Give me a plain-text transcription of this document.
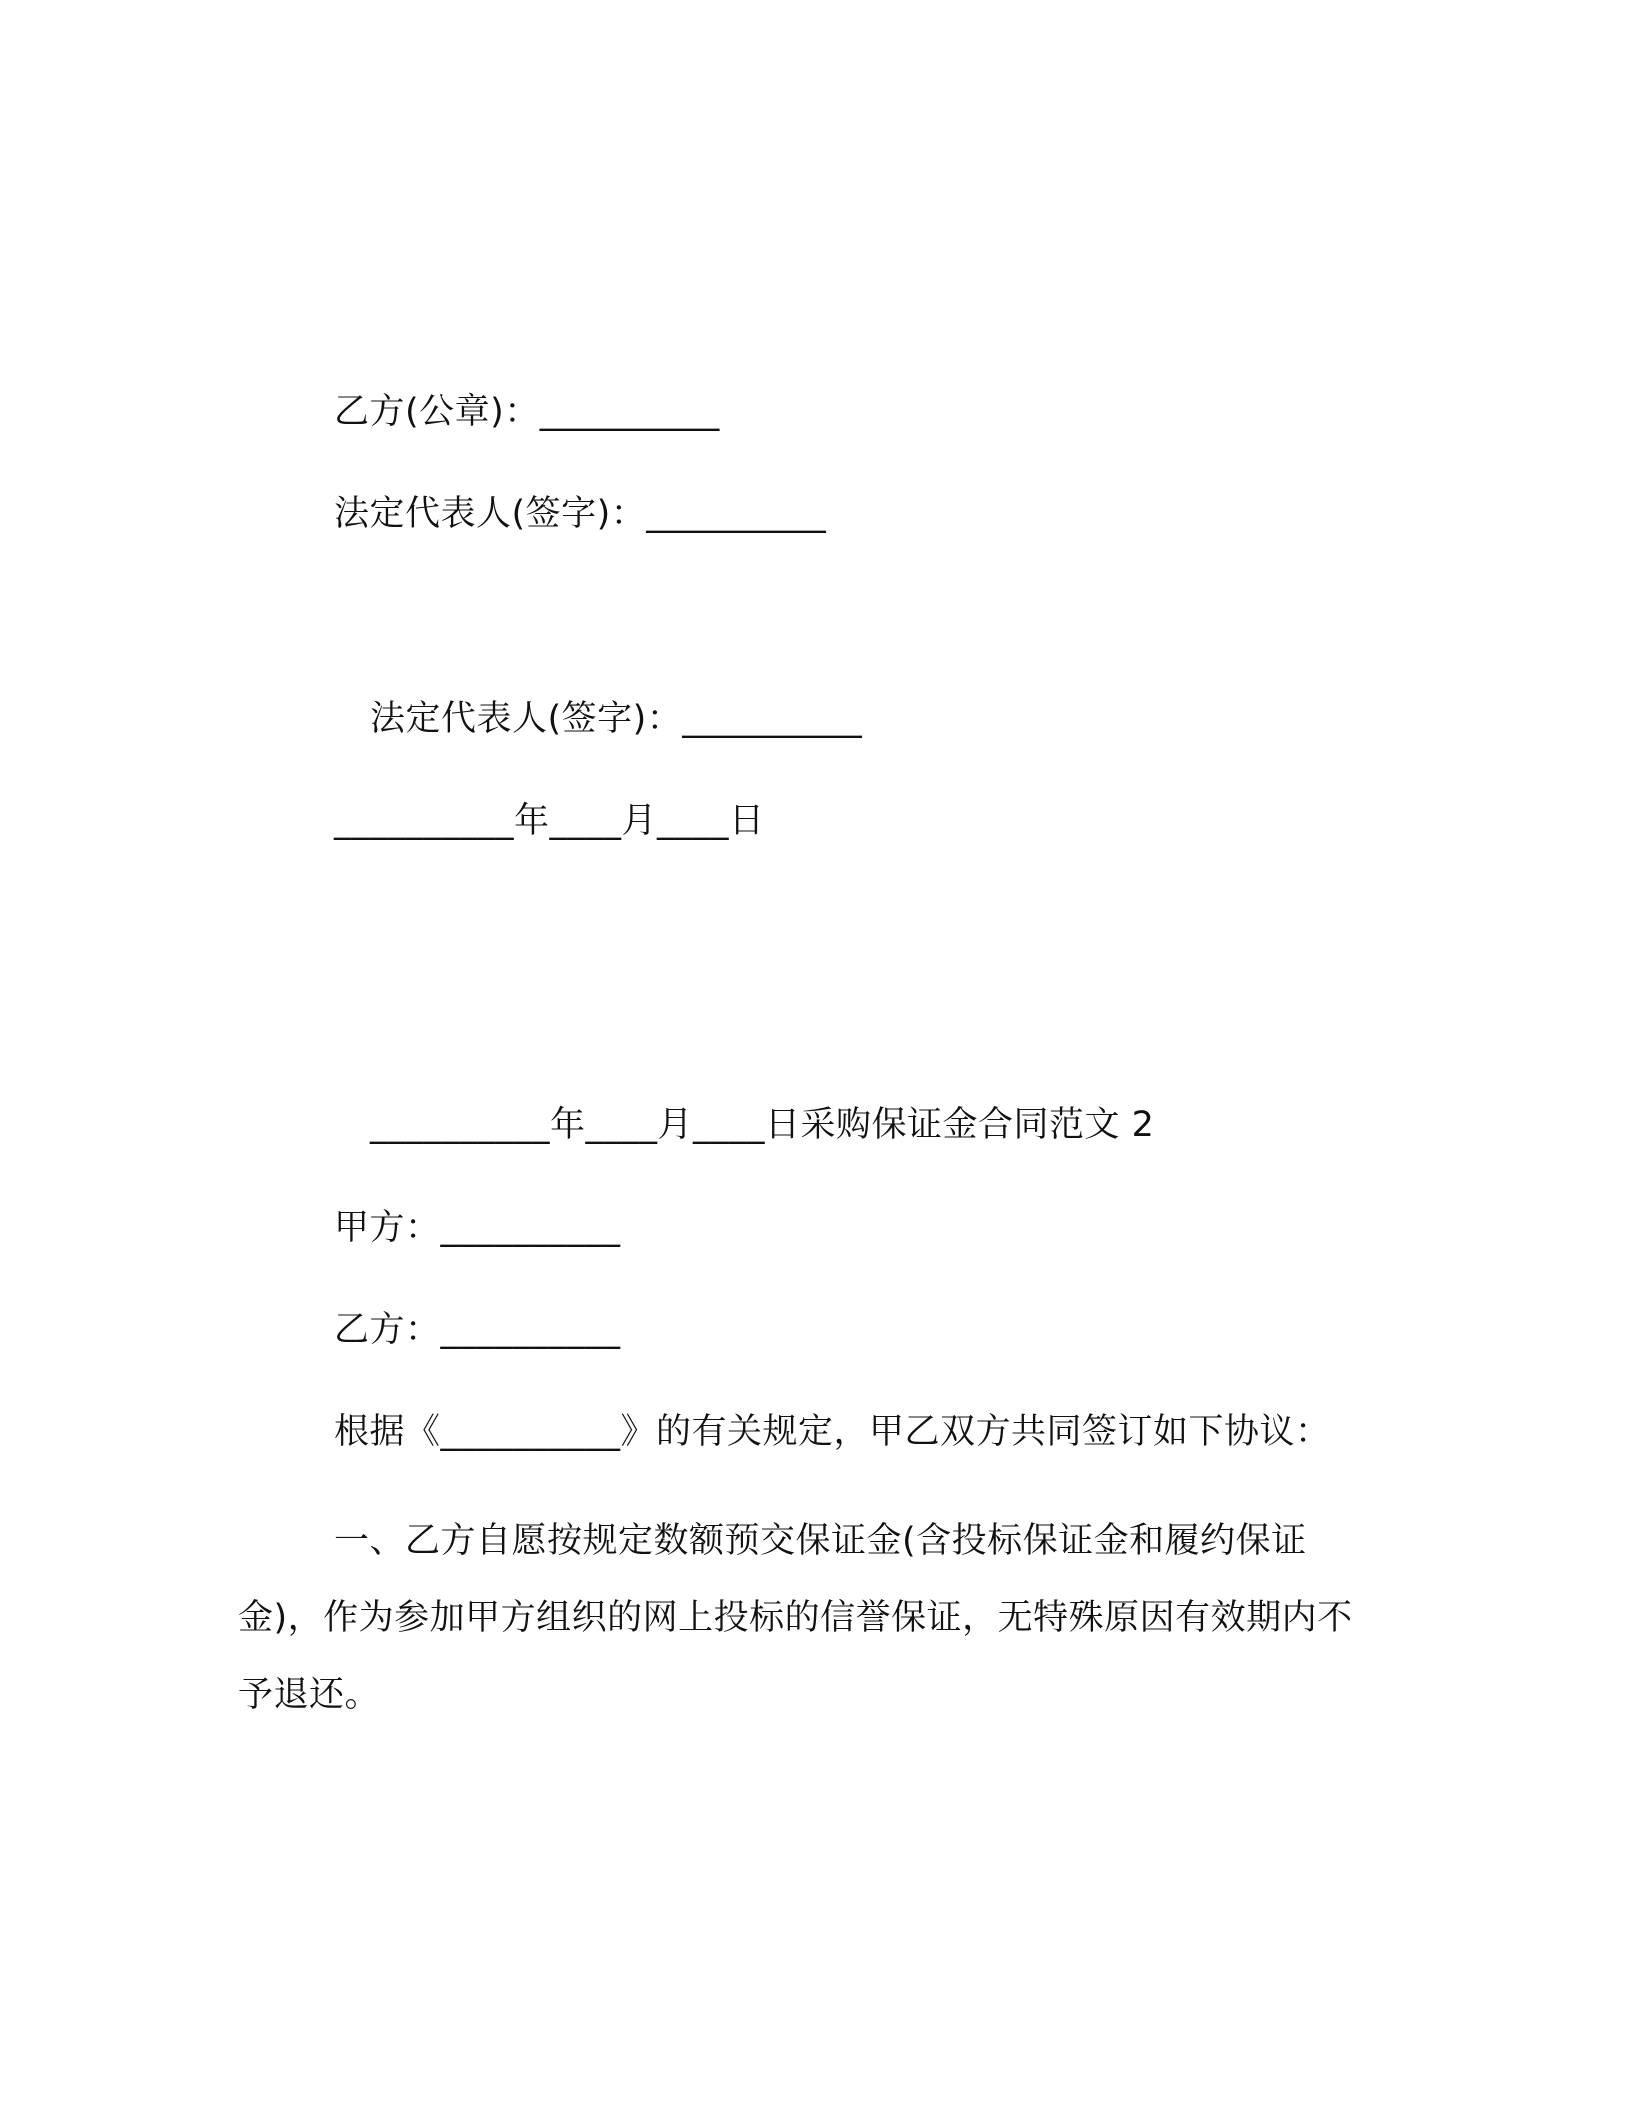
乙方(公章)：__________
法定代表人(签字)：__________
法定代表人(签字)：__________
__________年____月____日
__________年____月____日采购保证金合同范文 2
甲方：__________
乙方：__________
根据《__________》的有关规定，甲乙双方共同签订如下协议：
一、乙方自愿按规定数额预交保证金(含投标保证金和履约保证金)，作为参加甲方组织的网上投标的信誉保证，无特殊原因有效期内不予退还。
